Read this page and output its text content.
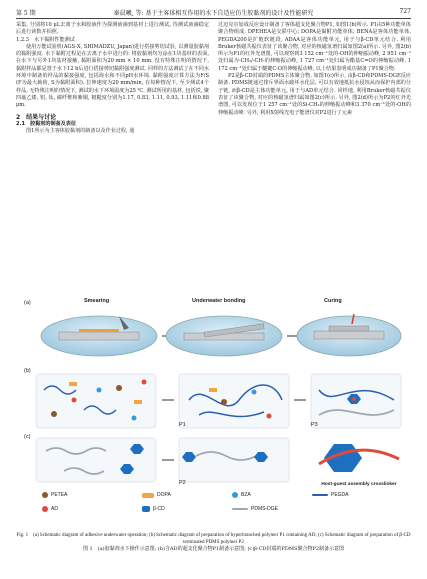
第 5 期	秦晨曦, 等: 基于主客体相互作用的水下自适应仿生胶黏剂的设计及性能研究	727

采集, 分别将10 μL去离子水和胶液作为探测液滴到基材上进行测试, 待测试液滴稳定后进行读数并拍照.

1.2.3　水下黏附性能测试

使用万能试验机(AGS-X, SHIMADZU, Japan)进行搭接剪切试验, 以测量胶黏剂的黏附强度. 水下黏附过程是在去离子水中进行的: 将胶黏剂均匀涂在1块基材的表面, 在水下与另外1块基材接触, 黏附面积为20 mm × 10 mm. 没有特殊注明的情况下, 黏附样品都是置于水下12 h后进行搭接剪切黏附强度测试. 同样的方法测试了在不同水环境中制备的样品的黏接强度, 包括海水和不同pH水环境. 黏附强度计算方法为F/S (F为最大载荷, S为黏附面积). 拉伸速度为20 mm/min, 在每种情况下, 至少测试4个样品, 无特殊注明的情况下, 测试的水下环境温度为25 ℃. 测试所用的基材, 包括铁, 聚四氟乙烯, 铝, 钛, 碳纤维和紫铜, 粗糙度分别为1.17, 0.83, 1.11, 0.93, 1.11和0.88 μm.

2　结果与讨论

2.1　胶黏剂的制备及表征

图1所示为主客体胶黏剂的制备以及作业过程, 通

过迈克尔加成反应设计制备了客体超支化聚合物P1, 如图1(b)所示. P1由5种功能单体聚合物组成, DPEHEA是交联中心; DOPA是黏附功能单体; BENA是客体功能单体, PEGDA200是扩链软链段, ADAA是客体功能单元, 用于与β-CD单元结合. 利用Bruker核磁共振仪表征了该聚合物, 对应的核磁氢谱归属如图2(a)所示. 另外, 图2(b)所示为P1的红外光谱图, 可以观察到3 152 cm⁻¹处的-OH的伸缩振动峰, 2 951 cm⁻¹处归属为-CH₂/-CH-的伸缩振动峰, 1 727 cm⁻¹处归属为酯基C=O的伸缩振动峰, 1 172 cm⁻¹处归属于醚键C-O的伸缩振动峰, 以上结果表明成功制备了P1聚合物.

P2是β-CD封端的PDMS主体聚合物, 如图1(c)所示, 由β-CD和PDMS-DGE反应制备. PDMS链通过排斥界面水破坏水化层, 可以有效地抵抗水侵蚀从而保护内部的分子链, 而β-CD是主体功能单元, 用于与AD单元结合. 同样地, 利用Bruker核磁共振仪表征了该聚合物, 对应的核磁氢谱归属如图2(c)所示. 另外, 图2(d)所示为P2的红外光谱图, 可以发现位于1 257 cm⁻¹处的Si-CH₃的伸缩振动峰和3 370 cm⁻¹处的-OH的伸缩振动峰. 另外, 利用X射线光电子能谱仪对P2进行了元素

(a)	Smearing	Underwater bonding	Curing
(b)
P1	P3
(c)
P2	Host-guest assembly crosslinker
PETEA	DOPA	BZA	PEGDA
AD	β-CD	PDMS-DGE
Fig. 1　(a) Schematic diagram of adhesive underwater operation; (b) Schematic diagram of preparation of hyperbranched polymer P1 containing AD; (c) Schematic diagram of preparation of β-CD terminated PDMS polymer P2
图 1　(a)胶黏剂水下操作示意图; (b)含AD的超支化聚合物P1制备示意图; (c)β-CD封端的PDMS聚合物P2制备示意图
